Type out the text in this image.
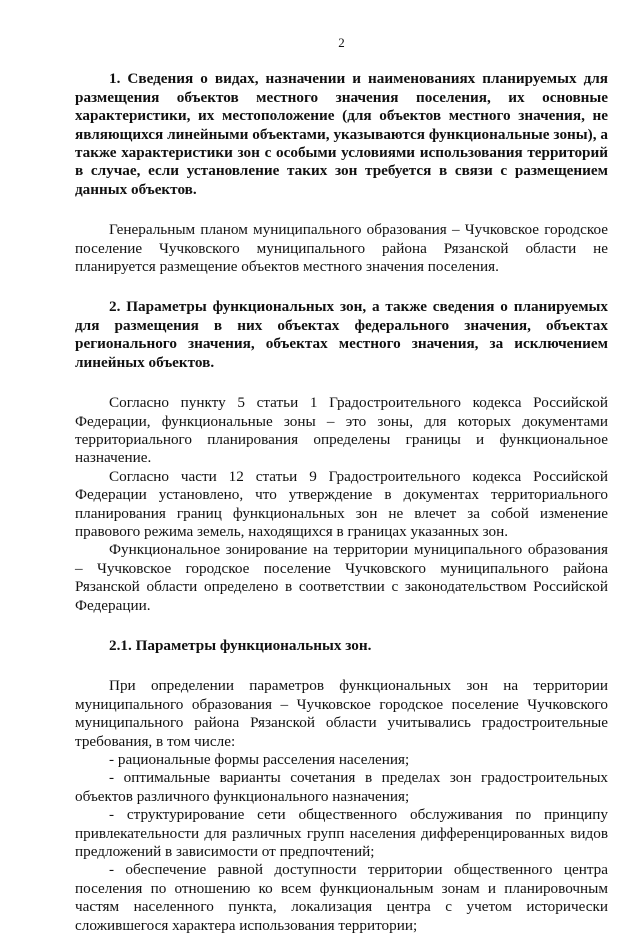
2

1. Сведения о видах, назначении и наименованиях планируемых для размещения объектов местного значения поселения, их основные характеристики, их местоположение (для объектов местного значения, не являющихся линейными объектами, указываются функциональные зоны), а также характеристики зон с особыми условиями использования территорий в случае, если установление таких зон требуется в связи с размещением данных объектов.

Генеральным планом муниципального образования – Чучковское городское поселение Чучковского муниципального района Рязанской области не планируется размещение объектов местного значения поселения.

2. Параметры функциональных зон, а также сведения о планируемых для размещения в них объектах федерального значения, объектах регионального значения, объектах местного значения, за исключением линейных объектов.

Согласно пункту 5 статьи 1 Градостроительного кодекса Российской Федерации, функциональные зоны – это зоны, для которых документами территориального планирования определены границы и функциональное назначение.

Согласно части 12 статьи 9 Градостроительного кодекса Российской Федерации установлено, что утверждение в документах территориального планирования границ функциональных зон не влечет за собой изменение правового режима земель, находящихся в границах указанных зон.

Функциональное зонирование на территории муниципального образования – Чучковское городское поселение Чучковского муниципального района Рязанской области определено в соответствии с законодательством Российской Федерации.

2.1. Параметры функциональных зон.

При определении параметров функциональных зон на территории муниципального образования – Чучковское городское поселение Чучковского муниципального района Рязанской области учитывались градостроительные требования, в том числе:

- рациональные формы расселения населения;

- оптимальные варианты сочетания в пределах зон градостроительных объектов различного функционального назначения;

- структурирование сети общественного обслуживания по принципу привлекательности для различных групп населения дифференцированных видов предложений в зависимости от предпочтений;

- обеспечение равной доступности территории общественного центра поселения по отношению ко всем функциональным зонам и планировочным частям населенного пункта, локализация центра с учетом исторически сложившегося характера использования территории;
